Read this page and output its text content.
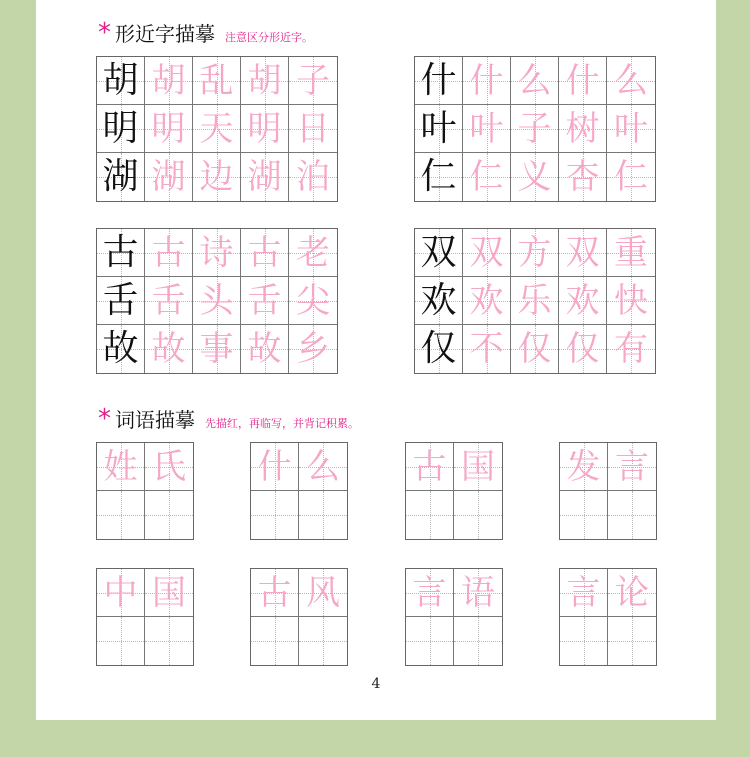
* 形近字描摹 注意区分形近字。
胡 胡 乱 胡 子
明 明 天 明 日
湖 湖 边 湖 泊
什 什 么 什 么
叶 叶 子 树 叶
仁 仁 义 杏 仁
古 古 诗 古 老
舌 舌 头 舌 尖
故 故 事 故 乡
双 双 方 双 重
欢 欢 乐 欢 快
仅 不 仅 仅 有
* 词语描摹 先描红，再临写，并背记积累。
姓 氏 什 么 古 国 发 言
中 国 古 风 言 语 言 论
4
